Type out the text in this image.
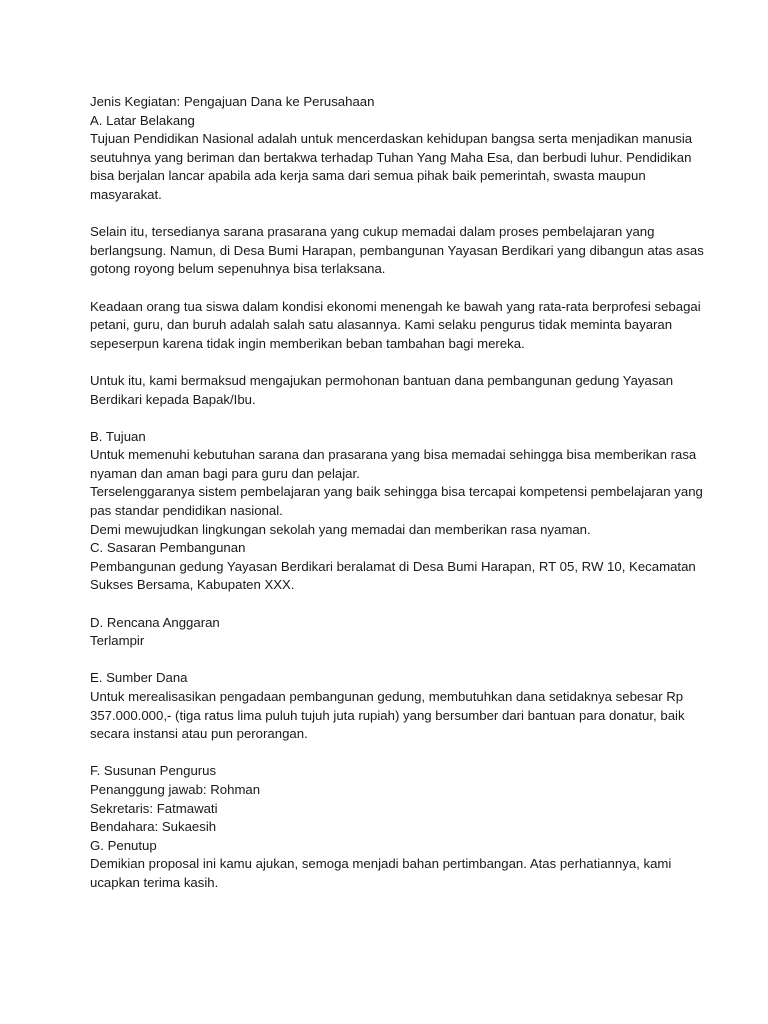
Jenis Kegiatan: Pengajuan Dana ke Perusahaan
A. Latar Belakang
Tujuan Pendidikan Nasional adalah untuk mencerdaskan kehidupan bangsa serta menjadikan manusia
seutuhnya yang beriman dan bertakwa terhadap Tuhan Yang Maha Esa, dan berbudi luhur. Pendidikan
bisa berjalan lancar apabila ada kerja sama dari semua pihak baik pemerintah, swasta maupun
masyarakat.
Selain itu, tersedianya sarana prasarana yang cukup memadai dalam proses pembelajaran yang
berlangsung. Namun, di Desa Bumi Harapan, pembangunan Yayasan Berdikari yang dibangun atas asas
gotong royong belum sepenuhnya bisa terlaksana.
Keadaan orang tua siswa dalam kondisi ekonomi menengah ke bawah yang rata-rata berprofesi sebagai
petani, guru, dan buruh adalah salah satu alasannya. Kami selaku pengurus tidak meminta bayaran
sepeserpun karena tidak ingin memberikan beban tambahan bagi mereka.
Untuk itu, kami bermaksud mengajukan permohonan bantuan dana pembangunan gedung Yayasan
Berdikari kepada Bapak/Ibu.
B. Tujuan
Untuk memenuhi kebutuhan sarana dan prasarana yang bisa memadai sehingga bisa memberikan rasa
nyaman dan aman bagi para guru dan pelajar.
Terselenggaranya sistem pembelajaran yang baik sehingga bisa tercapai kompetensi pembelajaran yang
pas standar pendidikan nasional.
Demi mewujudkan lingkungan sekolah yang memadai dan memberikan rasa nyaman.
C. Sasaran Pembangunan
Pembangunan gedung Yayasan Berdikari beralamat di Desa Bumi Harapan, RT 05, RW 10, Kecamatan
Sukses Bersama, Kabupaten XXX.
D. Rencana Anggaran
Terlampir
E. Sumber Dana
Untuk merealisasikan pengadaan pembangunan gedung, membutuhkan dana setidaknya sebesar Rp
357.000.000,- (tiga ratus lima puluh tujuh juta rupiah) yang bersumber dari bantuan para donatur, baik
secara instansi atau pun perorangan.
F. Susunan Pengurus
Penanggung jawab: Rohman
Sekretaris: Fatmawati
Bendahara: Sukaesih
G. Penutup
Demikian proposal ini kamu ajukan, semoga menjadi bahan pertimbangan. Atas perhatiannya, kami
ucapkan terima kasih.
